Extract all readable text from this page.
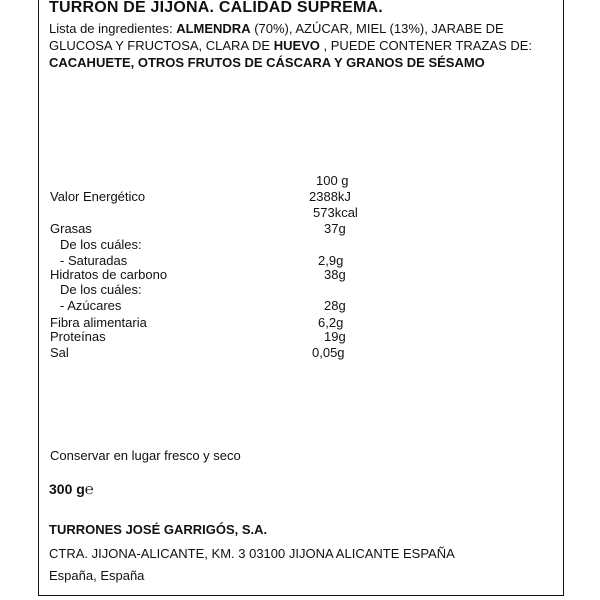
TURRÓN DE JIJONA. CALIDAD SUPREMA.
Lista de ingredientes: ALMENDRA (70%), AZÚCAR, MIEL (13%), JARABE DE GLUCOSA Y FRUCTOSA, CLARA DE HUEVO , PUEDE CONTENER TRAZAS DE: CACAHUETE, OTROS FRUTOS DE CÁSCARA Y GRANOS DE SÉSAMO
100 g
Valor Energético	2388kJ
573kcal
Grasas	37g
De los cuáles:
- Saturadas	2,9g
Hidratos de carbono	38g
De los cuáles:
- Azúcares	28g
Fibra alimentaria	6,2g
Proteínas	19g
Sal	0,05g
Conservar en lugar fresco y seco
300 g℮
TURRONES JOSÉ GARRIGÓS, S.A.
CTRA. JIJONA-ALICANTE, KM. 3 03100 JIJONA ALICANTE ESPAÑA
España, España
